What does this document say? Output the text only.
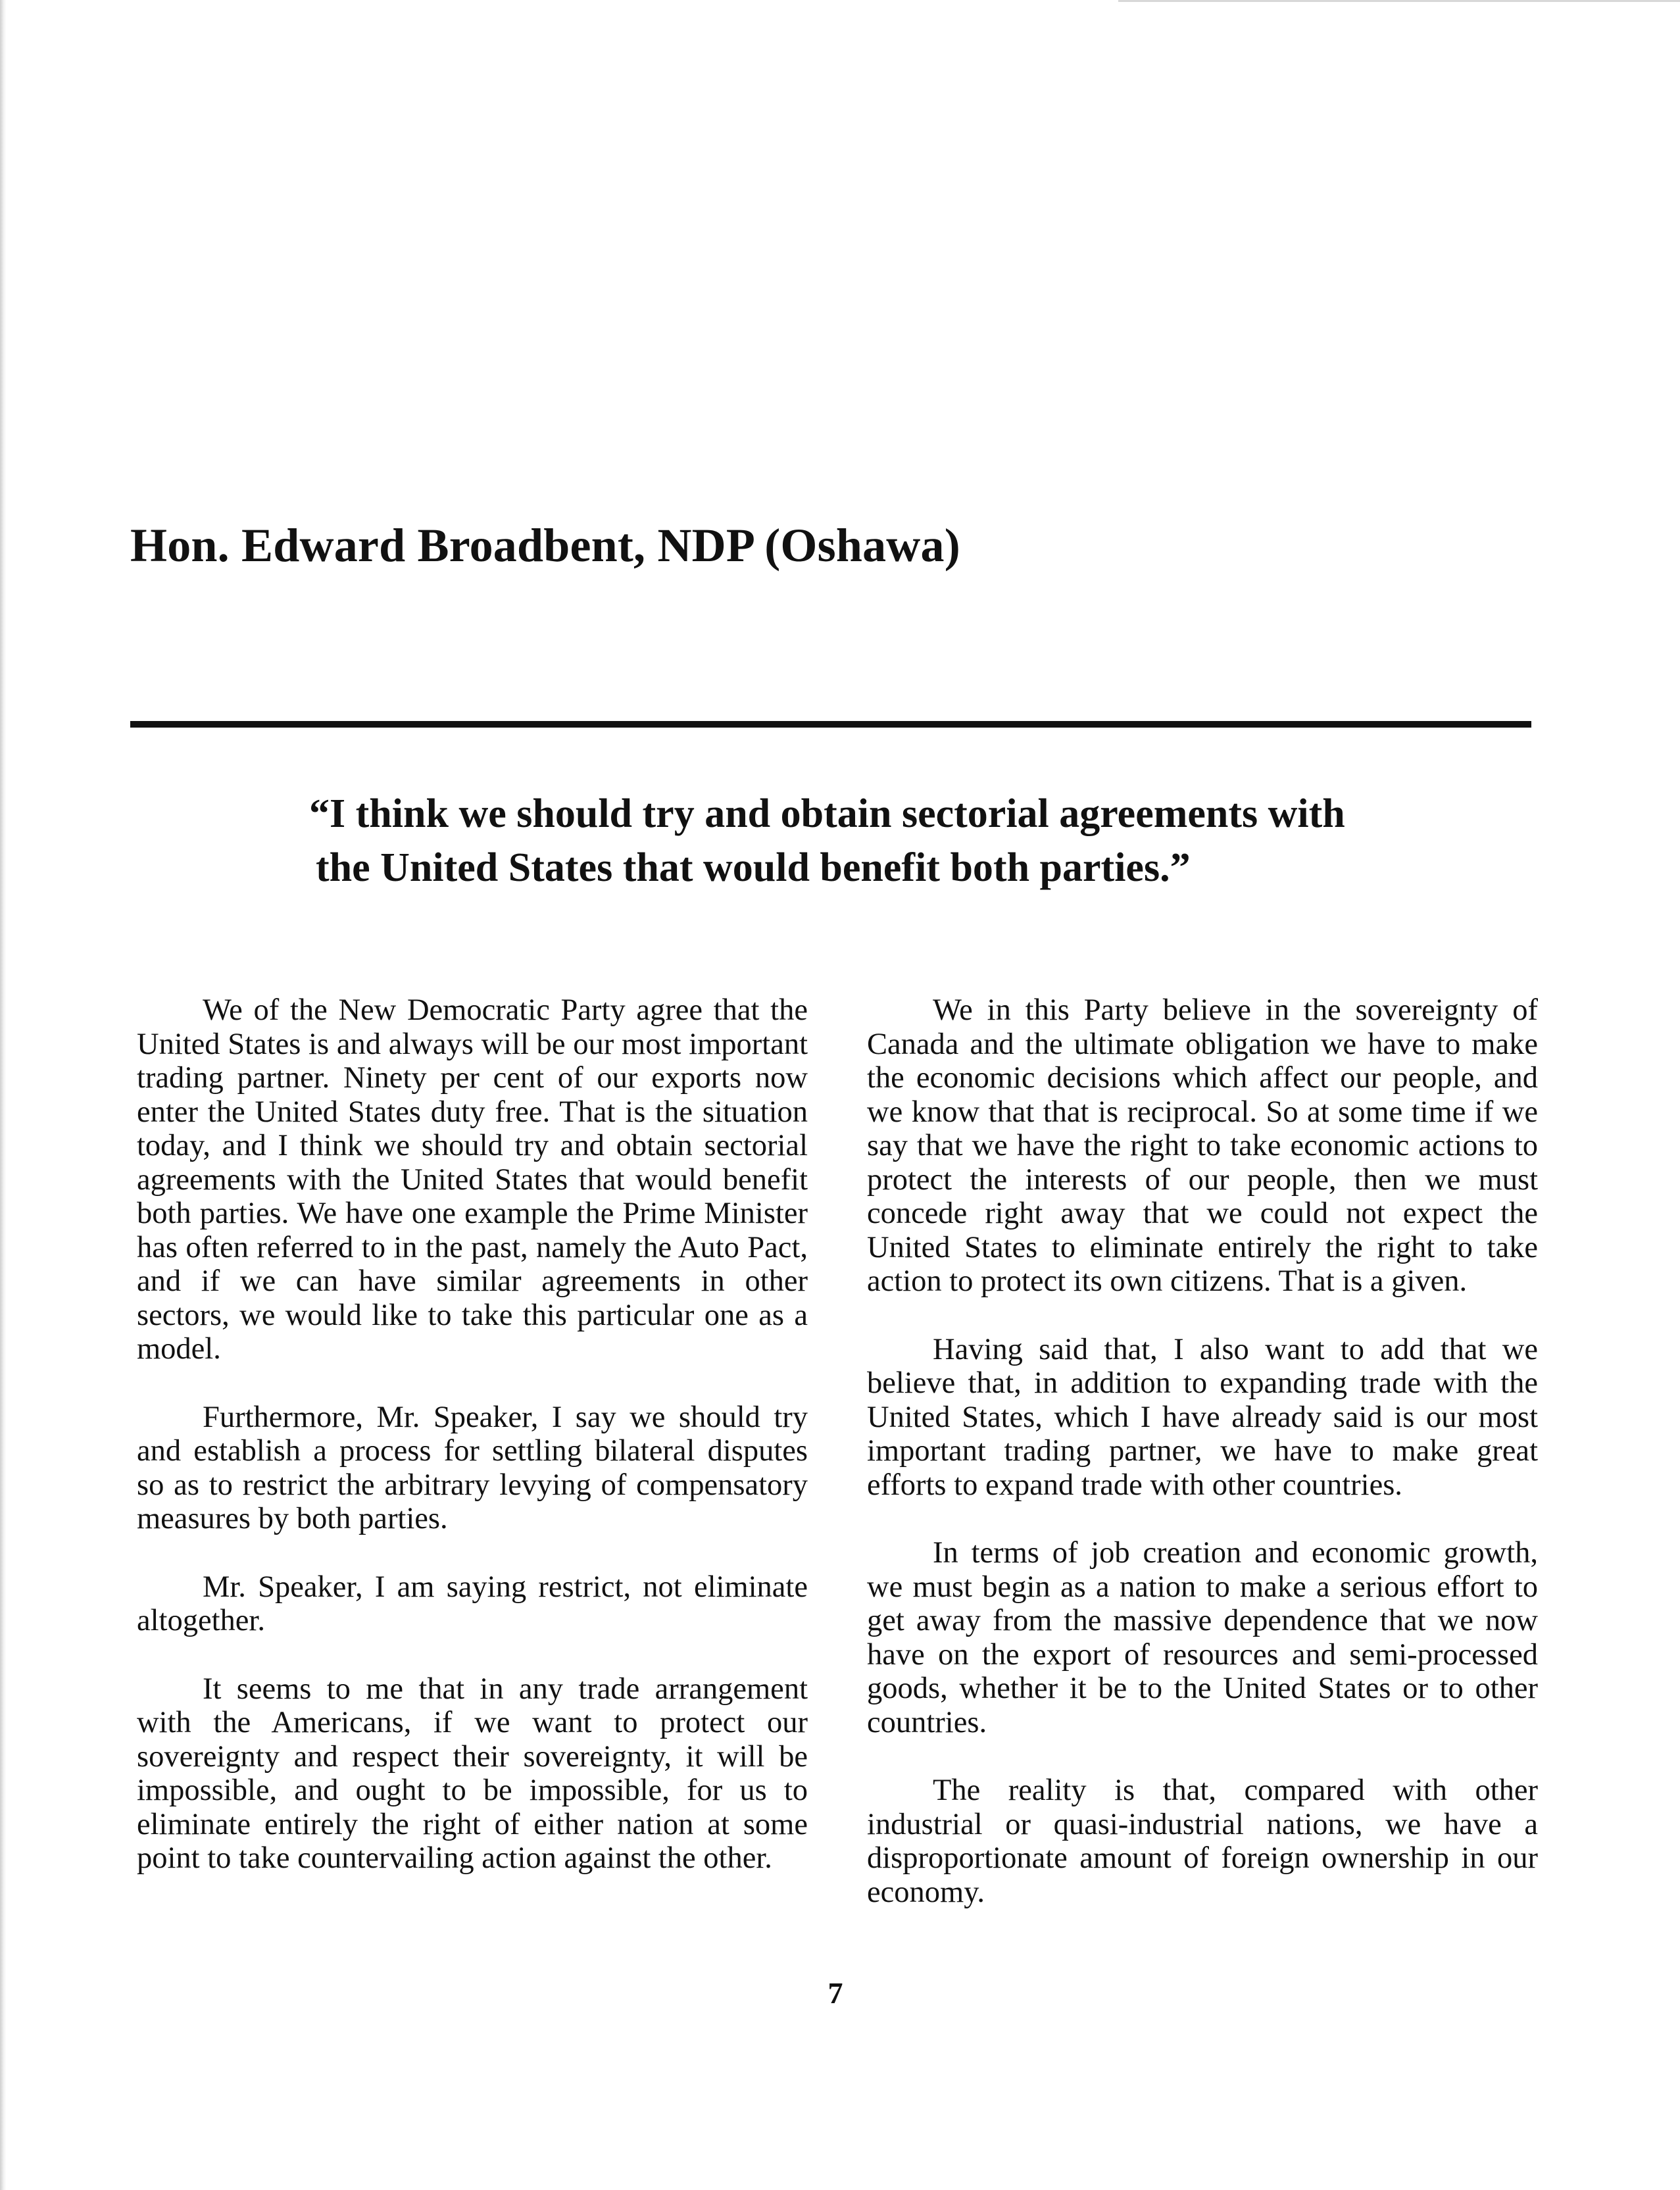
Hon. Edward Broadbent, NDP (Oshawa)

“I think we should try and obtain sectorial agreements with the United States that would benefit both parties.”

We of the New Democratic Party agree that the United States is and always will be our most important trading partner. Ninety per cent of our exports now enter the United States duty free. That is the situation today, and I think we should try and obtain sectorial agreements with the United States that would benefit both parties. We have one example the Prime Minister has often referred to in the past, namely the Auto Pact, and if we can have similar agreements in other sectors, we would like to take this particular one as a model.

Furthermore, Mr. Speaker, I say we should try and establish a process for settling bilateral disputes so as to restrict the arbitrary levying of compensatory measures by both parties.

Mr. Speaker, I am saying restrict, not eliminate altogether.

It seems to me that in any trade arrangement with the Americans, if we want to protect our sovereignty and respect their sovereignty, it will be impossible, and ought to be impossible, for us to eliminate entirely the right of either nation at some point to take countervailing action against the other.

We in this Party believe in the sovereignty of Canada and the ultimate obligation we have to make the economic decisions which affect our people, and we know that that is reciprocal. So at some time if we say that we have the right to take economic actions to protect the interests of our people, then we must concede right away that we could not expect the United States to eliminate entirely the right to take action to protect its own citizens. That is a given.

Having said that, I also want to add that we believe that, in addition to expanding trade with the United States, which I have already said is our most important trading partner, we have to make great efforts to expand trade with other countries.

In terms of job creation and economic growth, we must begin as a nation to make a serious effort to get away from the massive dependence that we now have on the export of resources and semi-processed goods, whether it be to the United States or to other countries.

The reality is that, compared with other industrial or quasi-industrial nations, we have a disproportionate amount of foreign ownership in our economy.

7
